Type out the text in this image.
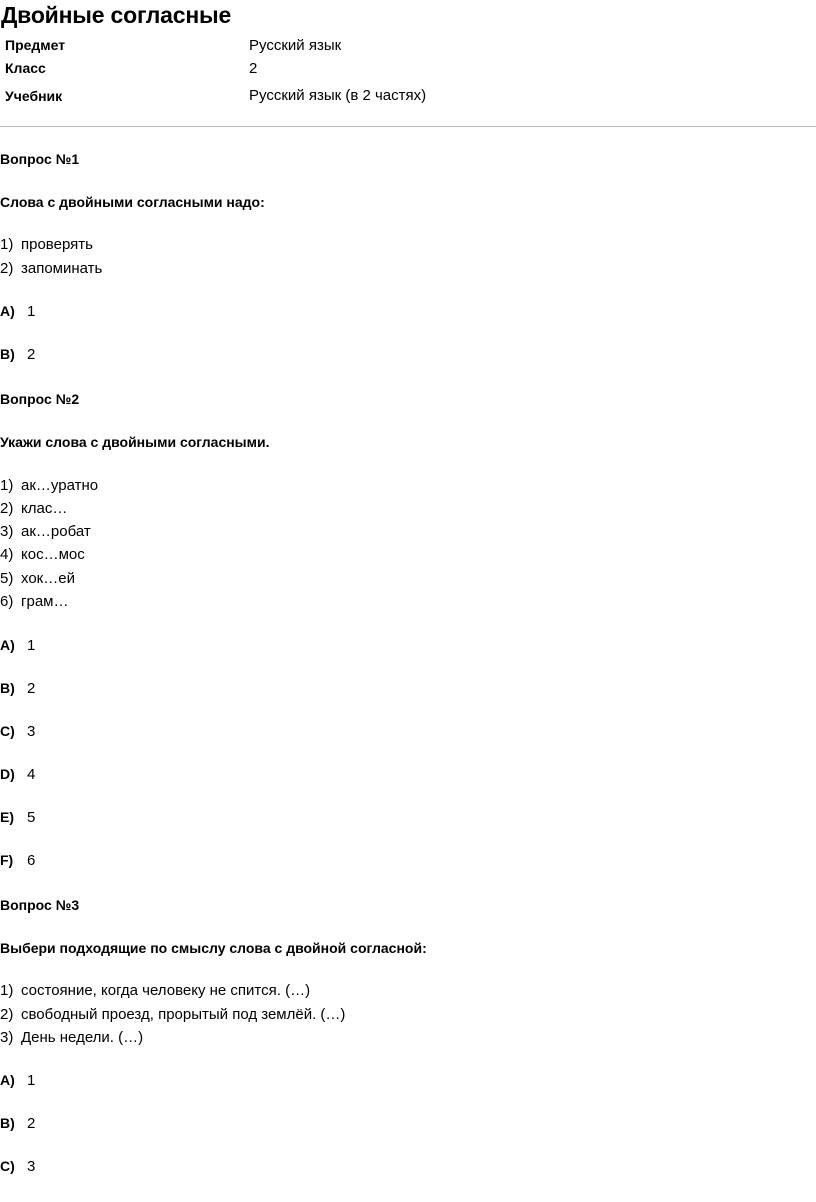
Двойные согласные
Предмет	Русский язык
Класс	2
Учебник	Русский язык (в 2 частях)
Вопрос №1
Слова с двойными согласными надо:
1) проверять
2) запоминать
A) 1
B) 2
Вопрос №2
Укажи слова с двойными согласными.
1) ак…уратно
2) клас…
3) ак…робат
4) кос…мос
5) хок…ей
6) грам…
A) 1
B) 2
C) 3
D) 4
E) 5
F) 6
Вопрос №3
Выбери подходящие по смыслу слова с двойной согласной:
1) состояние, когда человеку не спится. (…)
2) свободный проезд, прорытый под землёй. (…)
3) День недели. (…)
A) 1
B) 2
C) 3
